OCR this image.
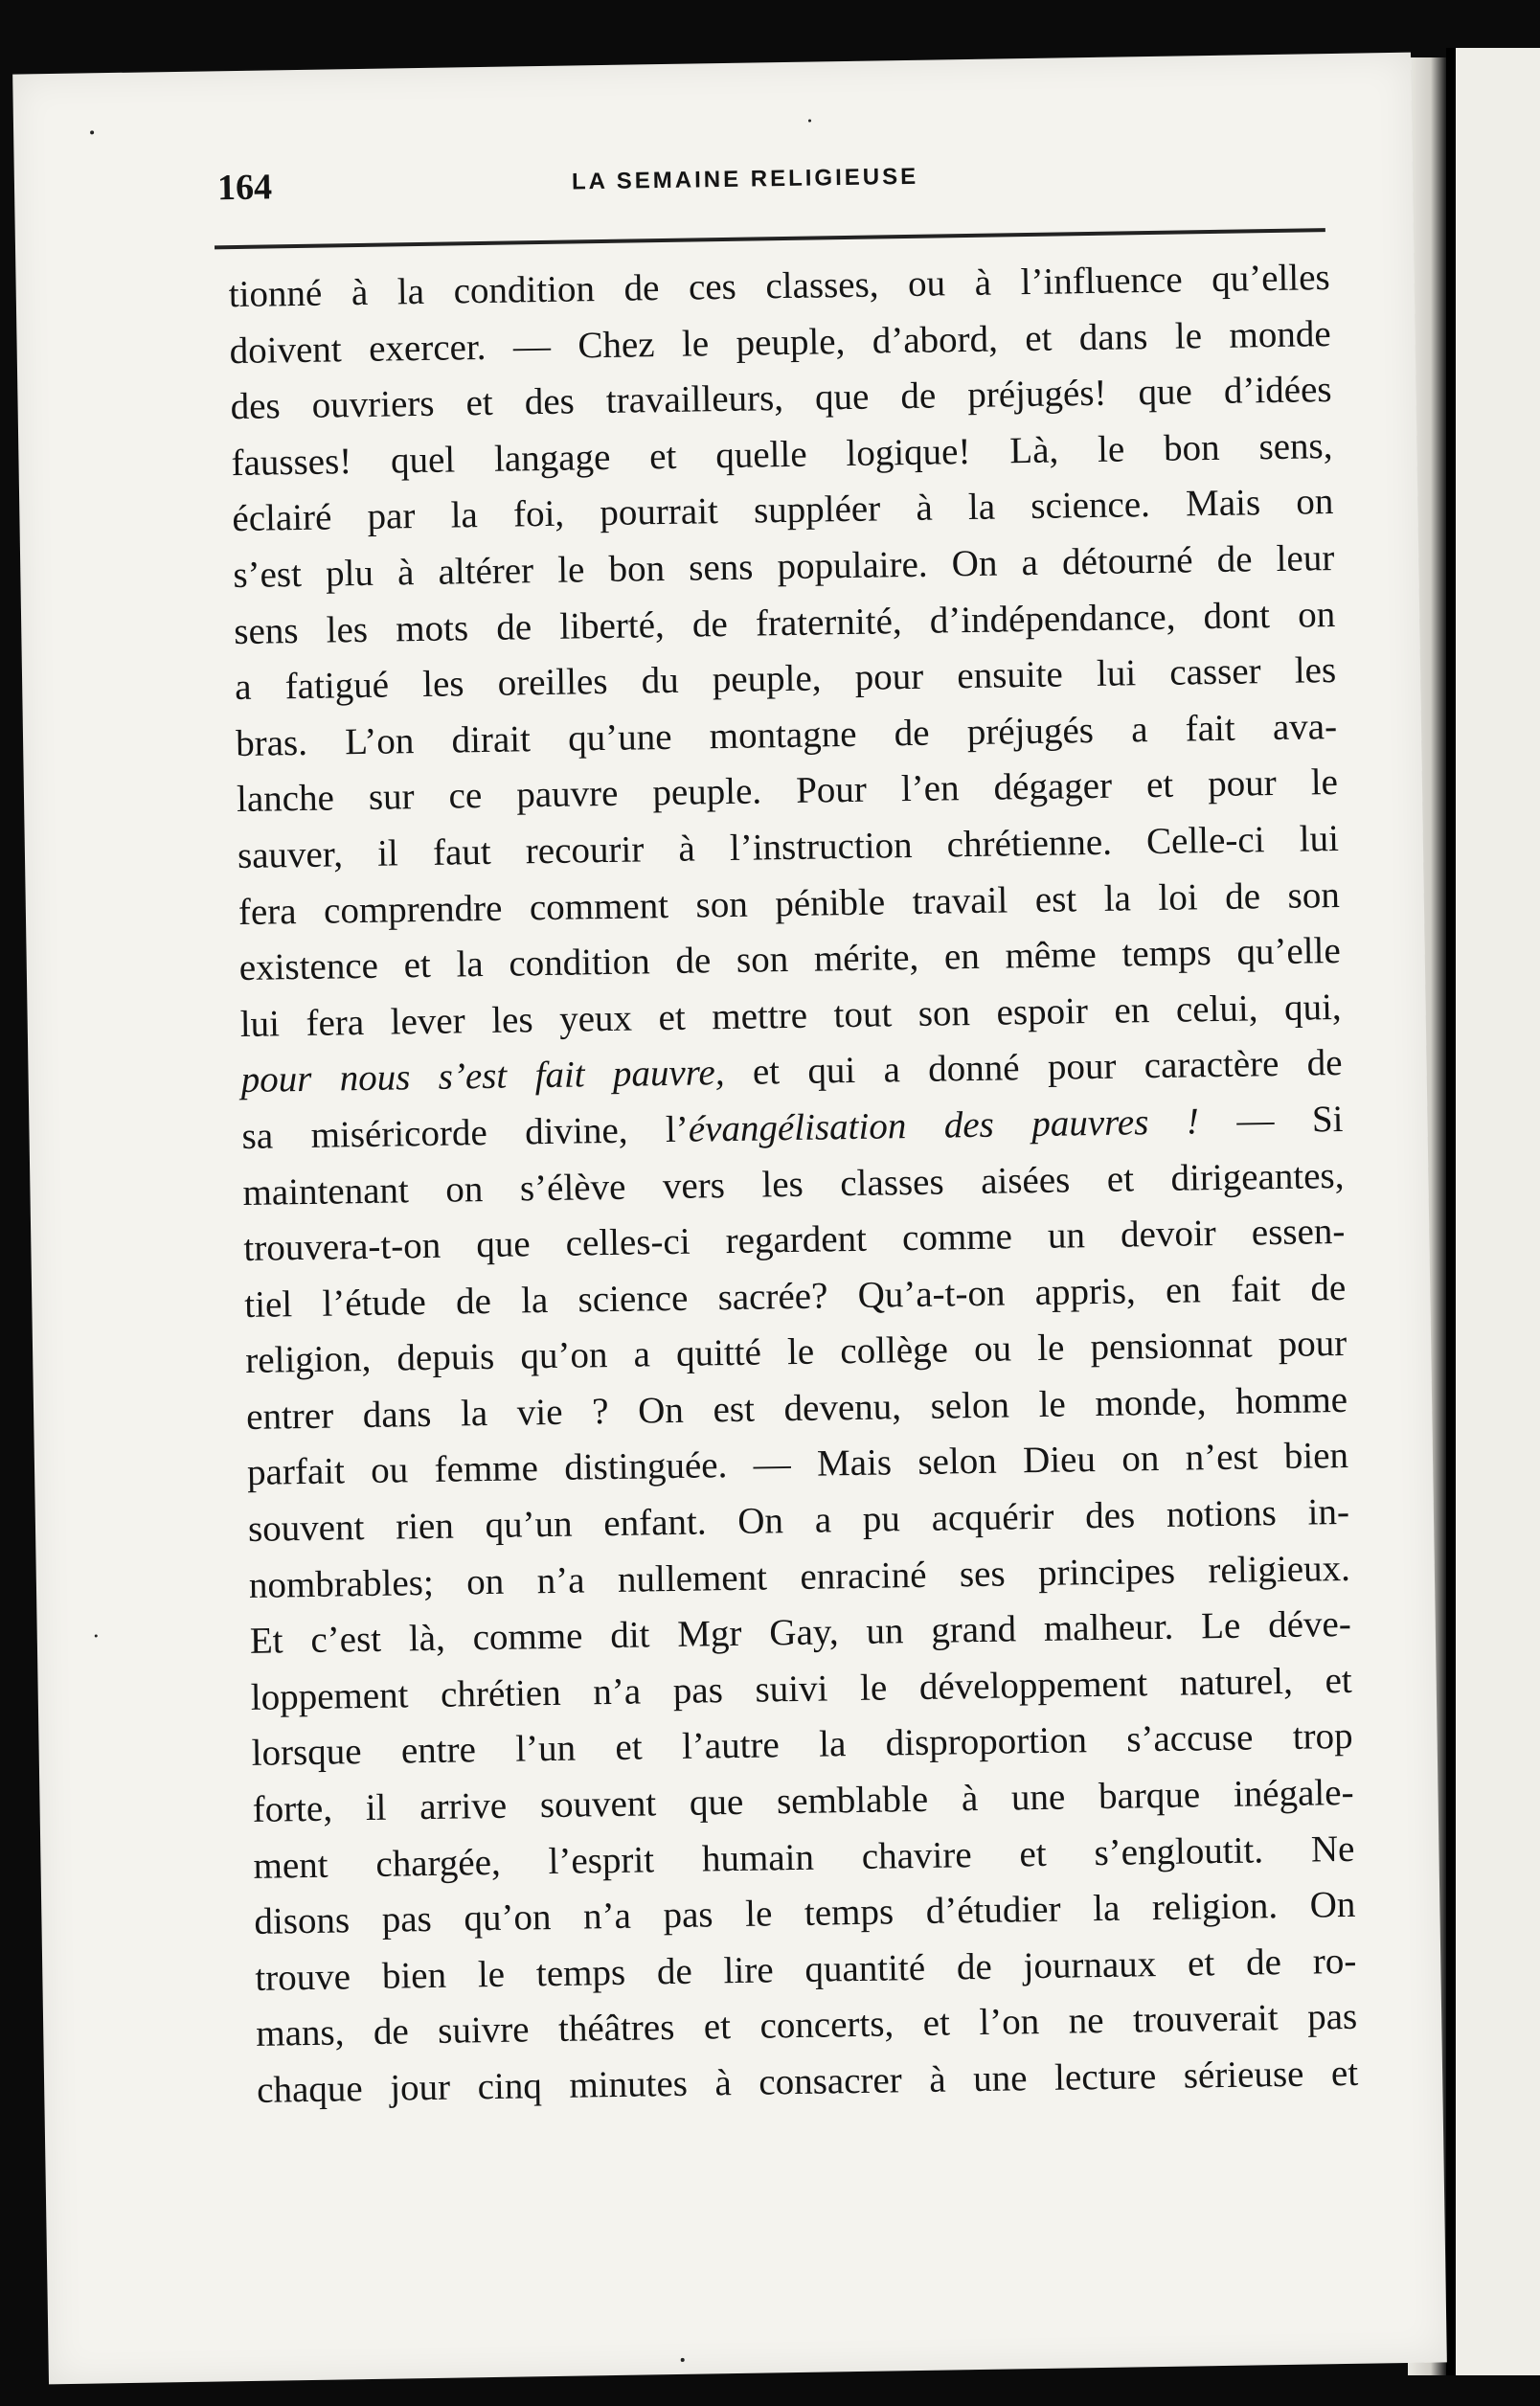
164	LA SEMAINE RELIGIEUSE
tionné à la condition de ces classes, ou à l’influence qu’elles
doivent exercer. — Chez le peuple, d’abord, et dans le monde
des ouvriers et des travailleurs, que de préjugés! que d’idées
fausses! quel langage et quelle logique! Là, le bon sens,
éclairé par la foi, pourrait suppléer à la science. Mais on
s’est plu à altérer le bon sens populaire. On a détourné de leur
sens les mots de liberté, de fraternité, d’indépendance, dont on
a fatigué les oreilles du peuple, pour ensuite lui casser les
bras. L’on dirait qu’une montagne de préjugés a fait ava-
lanche sur ce pauvre peuple. Pour l’en dégager et pour le
sauver, il faut recourir à l’instruction chrétienne. Celle-ci lui
fera comprendre comment son pénible travail est la loi de son
existence et la condition de son mérite, en même temps qu’elle
lui fera lever les yeux et mettre tout son espoir en celui, qui,
pour nous s’est fait pauvre, et qui a donné pour caractère de
sa miséricorde divine, l’évangélisation des pauvres ! — Si
maintenant on s’élève vers les classes aisées et dirigeantes,
trouvera-t-on que celles-ci regardent comme un devoir essen-
tiel l’étude de la science sacrée? Qu’a-t-on appris, en fait de
religion, depuis qu’on a quitté le collège ou le pensionnat pour
entrer dans la vie ? On est devenu, selon le monde, homme
parfait ou femme distinguée. — Mais selon Dieu on n’est bien
souvent rien qu’un enfant. On a pu acquérir des notions in-
nombrables; on n’a nullement enraciné ses principes religieux.
Et c’est là, comme dit Mgr Gay, un grand malheur. Le déve-
loppement chrétien n’a pas suivi le développement naturel, et
lorsque entre l’un et l’autre la disproportion s’accuse trop
forte, il arrive souvent que semblable à une barque inégale-
ment chargée, l’esprit humain chavire et s’engloutit. Ne
disons pas qu’on n’a pas le temps d’étudier la religion. On
trouve bien le temps de lire quantité de journaux et de ro-
mans, de suivre théâtres et concerts, et l’on ne trouverait pas
chaque jour cinq minutes à consacrer à une lecture sérieuse et
